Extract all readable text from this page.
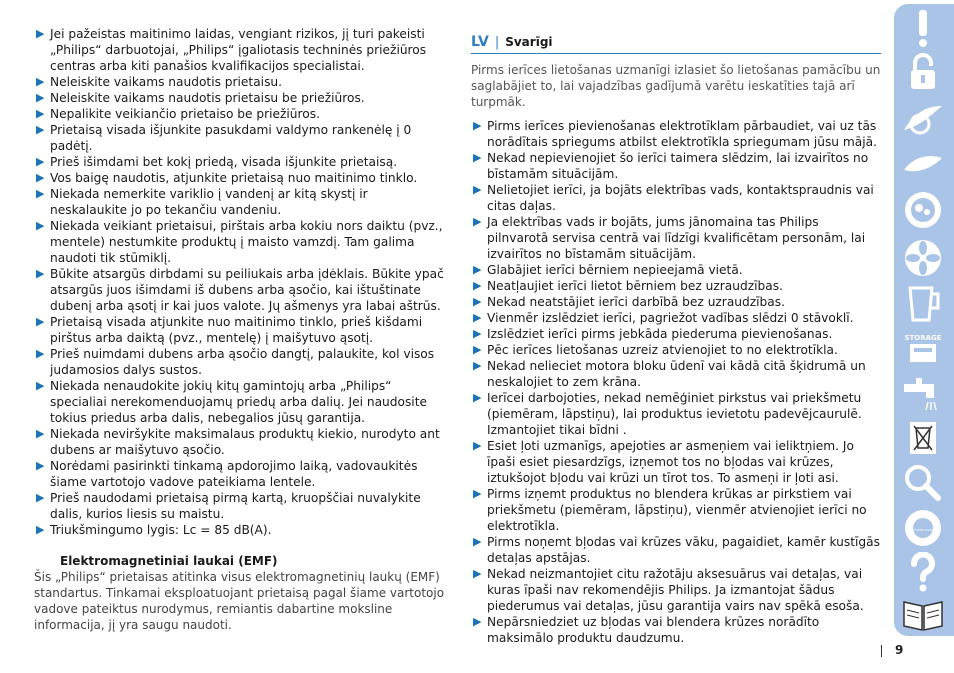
▶ Jei pažeistas maitinimo laidas, vengiant rizikos, jį turi pakeisti „Philips“ darbuotojai, „Philips“ įgaliotasis techninės priežiūros centras arba kiti panašios kvalifikacijos specialistai.
▶ Neleiskite vaikams naudotis prietaisu.
▶ Neleiskite vaikams naudotis prietaisu be priežiūros.
▶ Nepalikite veikiančio prietaiso be priežiūros.
▶ Prietaisą visada išjunkite pasukdami valdymo rankenėlę į 0 padėtį.
▶ Prieš išimdami bet kokį priedą, visada išjunkite prietaisą.
▶ Vos baigę naudotis, atjunkite prietaisą nuo maitinimo tinklo.
▶ Niekada nemerkite variklio į vandenį ar kitą skystį ir neskalaukite jo po tekančiu vandeniu.
▶ Niekada veikiant prietaisui, pirštais arba kokiu nors daiktu (pvz., mentele) nestumkite produktų į maisto vamzdį. Tam galima naudoti tik stūmiklį.
▶ Būkite atsargūs dirbdami su peiliukais arba įdėklais. Būkite ypač atsargūs juos išimdami iš dubens arba ąsočio, kai ištuštinate dubenį arba ąsotį ir kai juos valote. Jų ašmenys yra labai aštrūs.
▶ Prietaisą visada atjunkite nuo maitinimo tinklo, prieš kišdami pirštus arba daiktą (pvz., mentelę) į maišytuvo ąsotį.
▶ Prieš nuimdami dubens arba ąsočio dangtį, palaukite, kol visos judamosios dalys sustos.
▶ Niekada nenaudokite jokių kitų gamintojų arba „Philips“ specialiai nerekomenduojamų priedų arba dalių. Jei naudosite tokius priedus arba dalis, nebegalios jūsų garantija.
▶ Niekada neviršykite maksimalaus produktų kiekio, nurodyto ant dubens ar maišytuvo ąsočio.
▶ Norėdami pasirinkti tinkamą apdorojimo laiką, vadovaukitės šiame vartotojo vadove pateikiama lentele.
▶ Prieš naudodami prietaisą pirmą kartą, kruopščiai nuvalykite dalis, kurios liesis su maistu.
▶ Triukšmingumo lygis: Lc = 85 dB(A).
Elektromagnetiniai laukai (EMF)
Šis „Philips“ prietaisas atitinka visus elektromagnetinių laukų (EMF) standartus. Tinkamai eksploatuojant prietaisą pagal šiame vartotojo vadove pateiktus nurodymus, remiantis dabartine moksline informacija, jį yra saugu naudoti.
LV | Svarīgi
Pirms ierīces lietošanas uzmanīgi izlasiet šo lietošanas pamācību un saglabājiet to, lai vajadzības gadījumā varētu ieskatīties tajā arī turpmāk.
▶ Pirms ierīces pievienošanas elektrotīklam pārbaudiet, vai uz tās norādītais spriegums atbilst elektrotīkla spriegumam jūsu mājā.
▶ Nekad nepievienojiet šo ierīci taimera slēdzim, lai izvairītos no bīstamām situācijām.
▶ Nelietojiet ierīci, ja bojāts elektrības vads, kontaktspraudnis vai citas daļas.
▶ Ja elektrības vads ir bojāts, jums jānomaina tas Philips pilnvarotā servisa centrā vai līdzīgi kvalificētam personām, lai izvairītos no bīstamām situācijām.
▶ Glabājiet ierīci bērniem nepieejamā vietā.
▶ Neatļaujiet ierīci lietot bērniem bez uzraudzības.
▶ Nekad neatstājiet ierīci darbībā bez uzraudzības.
▶ Vienmēr izslēdziet ierīci, pagriežot vadības slēdzi 0 stāvoklī.
▶ Izslēdziet ierīci pirms jebkāda piederuma pievienošanas.
▶ Pēc ierīces lietošanas uzreiz atvienojiet to no elektrotīkla.
▶ Nekad nelieciet motora bloku ūdenī vai kādā citā šķidrumā un neskalojiet to zem krāna.
▶ Ierīcei darbojoties, nekad nemēģiniet pirkstus vai priekšmetu (piemēram, lāpstiņu), lai produktus ievietotu padevējcaurulē. Izmantojiet tikai bīdni .
▶ Esiet ļoti uzmanīgs, apejoties ar asmeņiem vai ieliktņiem. Jo īpaši esiet piesardzīgs, izņemot tos no bļodas vai krūzes, iztukšojot bļodu vai krūzi un tīrot tos. To asmeņi ir ļoti asi.
▶ Pirms izņemt produktus no blendera krūkas ar pirkstiem vai priekšmetu (piemēram, lāpstiņu), vienmēr atvienojiet ierīci no elektrotīkla.
▶ Pirms noņemt bļodas vai krūzes vāku, pagaidiet, kamēr kustīgās detaļas apstājas.
▶ Nekad neizmantojiet citu ražotāju aksesuārus vai detaļas, vai kuras īpaši nav rekomendējis Philips. Ja izmantojat šādus piederumus vai detaļas, jūsu garantija vairs nav spēkā esoša.
▶ Nepārsniedziet uz bļodas vai blendera krūzes norādīto maksimālo produktu daudzumu.
9
STORAGE
WORLD-WIDE GUARANTEE
